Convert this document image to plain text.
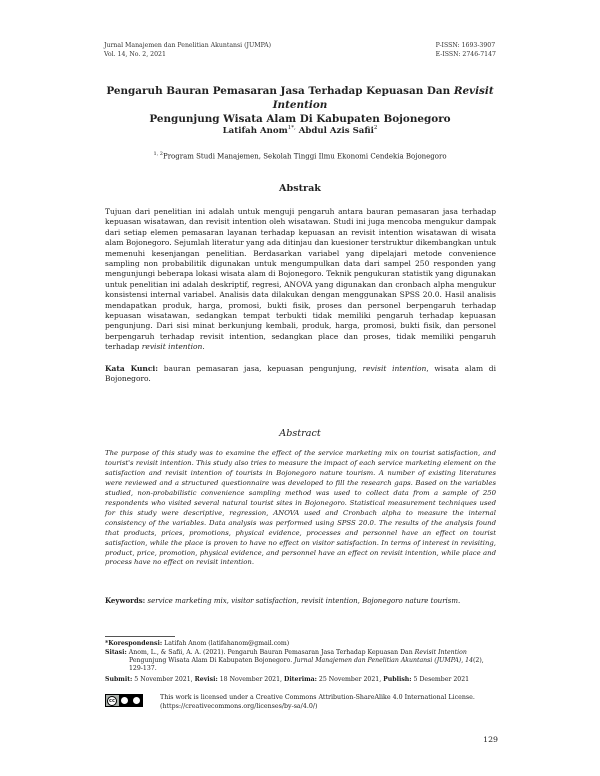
Jurnal Manajemen dan Penelitian Akuntansi (JUMPA)
Vol. 14, No. 2, 2021
P-ISSN: 1693-3907
E-ISSN: 2746-7147
Pengaruh Bauran Pemasaran Jasa Terhadap Kepuasan Dan Revisit Intention
Pengunjung Wisata Alam Di Kabupaten Bojonegoro
Latifah Anom$^{1*,}$ Abdul Azis Safii$^2$
$^{1, 2}$Program Studi Manajemen, Sekolah Tinggi Ilmu Ekonomi Cendekia Bojonegoro
Abstrak
Tujuan dari penelitian ini adalah untuk menguji pengaruh antara bauran pemasaran jasa terhadap kepuasan wisatawan, dan revisit intention oleh wisatawan. Studi ini juga mencoba mengukur dampak dari setiap elemen pemasaran layanan terhadap kepuasan an revisit intention wisatawan di wisata alam Bojonegoro. Sejumlah literatur yang ada ditinjau dan kuesioner terstruktur dikembangkan untuk memenuhi kesenjangan penelitian. Berdasarkan variabel yang dipelajari metode convenience sampling non probabilitik digunakan untuk mengumpulkan data dari sampel 250 responden yang mengunjungi beberapa lokasi wisata alam di Bojonegoro. Teknik pengukuran statistik yang digunakan untuk penelitian ini adalah deskriptif, regresi, ANOVA yang digunakan dan cronbach alpha mengukur konsistensi internal variabel. Analisis data dilakukan dengan menggunakan SPSS 20.0. Hasil analisis mendapatkan produk, harga, promosi, bukti fisik, proses dan personel berpengaruh terhadap kepuasan wisatawan, sedangkan tempat terbukti tidak memiliki pengaruh terhadap kepuasan pengunjung. Dari sisi minat berkunjung kembali, produk, harga, promosi, bukti fisik, dan personel berpengaruh terhadap revisit intention, sedangkan place dan proses, tidak memiliki pengaruh terhadap revisit intention.
Kata Kunci: bauran pemasaran jasa, kepuasan pengunjung, revisit intention, wisata alam di Bojonegoro.
Abstract
The purpose of this study was to examine the effect of the service marketing mix on tourist satisfaction, and tourist's revisit intention. This study also tries to measure the impact of each service marketing element on the satisfaction and revisit intention of tourists in Bojonegoro nature tourism. A number of existing literatures were reviewed and a structured questionnaire was developed to fill the research gaps. Based on the variables studied, non-probabilistic convenience sampling method was used to collect data from a sample of 250 respondents who visited several natural tourist sites in Bojonegoro. Statistical measurement techniques used for this study were descriptive, regression, ANOVA used and Cronbach alpha to measure the internal consistency of the variables. Data analysis was performed using SPSS 20.0. The results of the analysis found that products, prices, promotions, physical evidence, processes and personnel have an effect on tourist satisfaction, while the place is proven to have no effect on visitor satisfaction. In terms of interest in revisiting, product, price, promotion, physical evidence, and personnel have an effect on revisit intention, while place and process have no effect on revisit intention.
Keywords: service marketing mix, visitor satisfaction, revisit intention, Bojonegoro nature tourism.
*Korespondensi: Latifah Anom (latifahanom@gmail.com)
Sitasi: Anom, L., & Safii, A. A. (2021). Pengaruh Bauran Pemasaran Jasa Terhadap Kepuasan Dan Revisit Intention
Pengunjung Wisata Alam Di Kabupaten Bojonegoro. Jurnal Manajemen dan Penelitian Akuntansi (JUMPA), 14(2),
129-137.
Submit: 5 November 2021, Revisi: 18 November 2021, Diterima: 25 November 2021, Publish: 5 Desember 2021
cc	This work is licensed under a Creative Commons Attribution-ShareAlike 4.0 International License.
(https://creativecommons.org/licenses/by-sa/4.0/)
129
